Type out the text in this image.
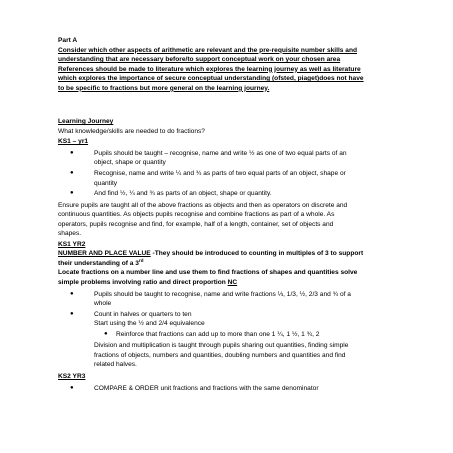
Part A

Consider which other aspects of arithmetic are relevant and the pre-requisite number skills and

understanding that are necessary before/to support conceptual work on your chosen area

References should be made to literature which explores the learning journey as well as literature

which explores the importance of secure conceptual understanding (ofsted, piaget)does not have

to be specific to fractions but more general on the learning journey.

Learning Journey

What knowledge/skills are needed to do fractions?

KS1 – yr1

●	Pupils should be taught – recognise, name and write ½ as one of two equal parts of an
object, shape or quantity
●	Recognise, name and write ¼ and ¾ as parts of two equal parts of an object, shape or
quantity
●	And find ½, ¼ and ¾ as parts of an object, shape or quantity.

Ensure pupils are taught all of the above fractions as objects and then as operators on discrete and

continuous quantities. As objects pupils recognise and combine fractions as part of a whole. As

operators, pupils recognise and find, for example, half of a length, container, set of objects and

shapes.

KS1 YR2

NUMBER AND PLACE VALUE -They should be introduced to counting in multiples of 3 to support

their understanding of a 3rd

Locate fractions on a number line and use them to find fractions of shapes and quantities solve

simple problems involving ratio and direct proportion NC

●	Pupils should be taught to recognise, name and write fractions ⅓, 1/3, ½, 2/3 and ¾ of a
whole
●	Count in halves or quarters to ten
Start using the ½ and 2/4 equivalence
● Reinforce that fractions can add up to more than one 1 ¼, 1 ½, 1 ¾, 2

Division and multiplication is taught through pupils sharing out quantities, finding simple

fractions of objects, numbers and quantities, doubling numbers and quantities and find

related halves.

KS2 YR3

●	COMPARE & ORDER unit fractions and fractions with the same denominator
